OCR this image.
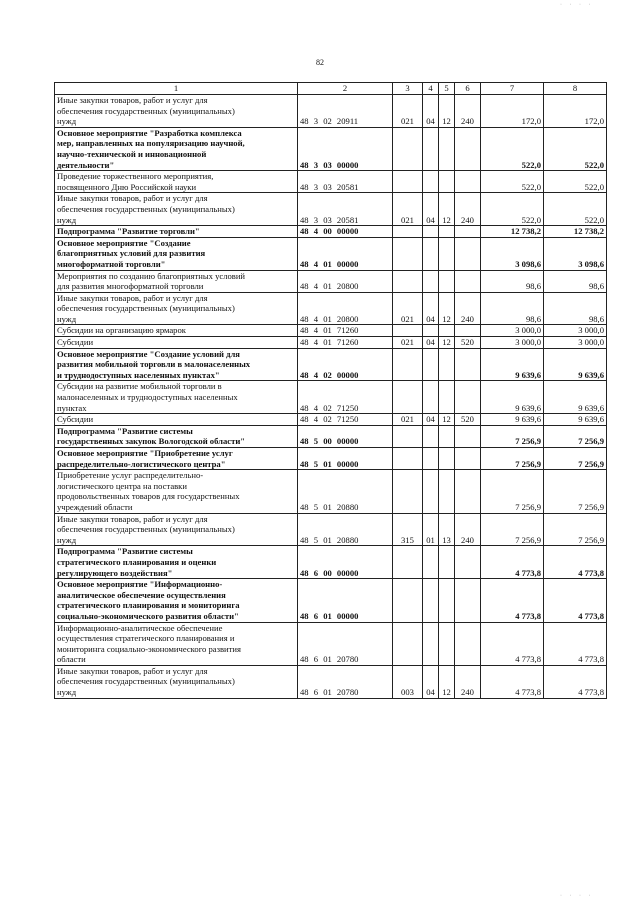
82
· · · ·
· · · ·
1	2	3	4	5	6	7	8

Иные закупки товаров, работ и услуг для
обеспечения государственных (муниципальных)
нужд	48 3 02 20911	021	04	12	240	172,0	172,0

Основное мероприятие "Разработка комплекса
мер, направленных на популяризацию научной,
научно-технической и инновационной
деятельности"	48 3 03 00000					522,0	522,0

Проведение торжественного мероприятия,
посвященного Дню Российской науки	48 3 03 20581					522,0	522,0

Иные закупки товаров, работ и услуг для
обеспечения государственных (муниципальных)
нужд	48 3 03 20581	021	04	12	240	522,0	522,0

Подпрограмма "Развитие торговли"	48 4 00 00000					12 738,2	12 738,2

Основное мероприятие "Создание
благоприятных условий для развития
многоформатной торговли"	48 4 01 00000					3 098,6	3 098,6

Мероприятия по созданию благоприятных условий
для развития многоформатной торговли	48 4 01 20800					98,6	98,6

Иные закупки товаров, работ и услуг для
обеспечения государственных (муниципальных)
нужд	48 4 01 20800	021	04	12	240	98,6	98,6

Субсидии на организацию ярмарок	48 4 01 71260					3 000,0	3 000,0

Субсидии	48 4 01 71260	021	04	12	520	3 000,0	3 000,0

Основное мероприятие "Создание условий для
развития мобильной торговли в малонаселенных
и труднодоступных населенных пунктах"	48 4 02 00000					9 639,6	9 639,6

Субсидии на развитие мобильной торговли в
малонаселенных и труднодоступных населенных
пунктах	48 4 02 71250					9 639,6	9 639,6

Субсидии	48 4 02 71250	021	04	12	520	9 639,6	9 639,6

Подпрограмма "Развитие системы
государственных закупок Вологодской области"	48 5 00 00000					7 256,9	7 256,9

Основное мероприятие "Приобретение услуг
распределительно-логистического центра"	48 5 01 00000					7 256,9	7 256,9

Приобретение услуг распределительно-
логистического центра на поставки
продовольственных товаров для государственных
учреждений области	48 5 01 20880					7 256,9	7 256,9

Иные закупки товаров, работ и услуг для
обеспечения государственных (муниципальных)
нужд	48 5 01 20880	315	01	13	240	7 256,9	7 256,9

Подпрограмма "Развитие системы
стратегического планирования и оценки
регулирующего воздействия"	48 6 00 00000					4 773,8	4 773,8

Основное мероприятие "Информационно-
аналитическое обеспечение осуществления
стратегического планирования и мониторинга
социально-экономического развития области"	48 6 01 00000					4 773,8	4 773,8

Информационно-аналитическое обеспечение
осуществления стратегического планирования и
мониторинга социально-экономического развития
области	48 6 01 20780					4 773,8	4 773,8

Иные закупки товаров, работ и услуг для
обеспечения государственных (муниципальных)
нужд	48 6 01 20780	003	04	12	240	4 773,8	4 773,8
